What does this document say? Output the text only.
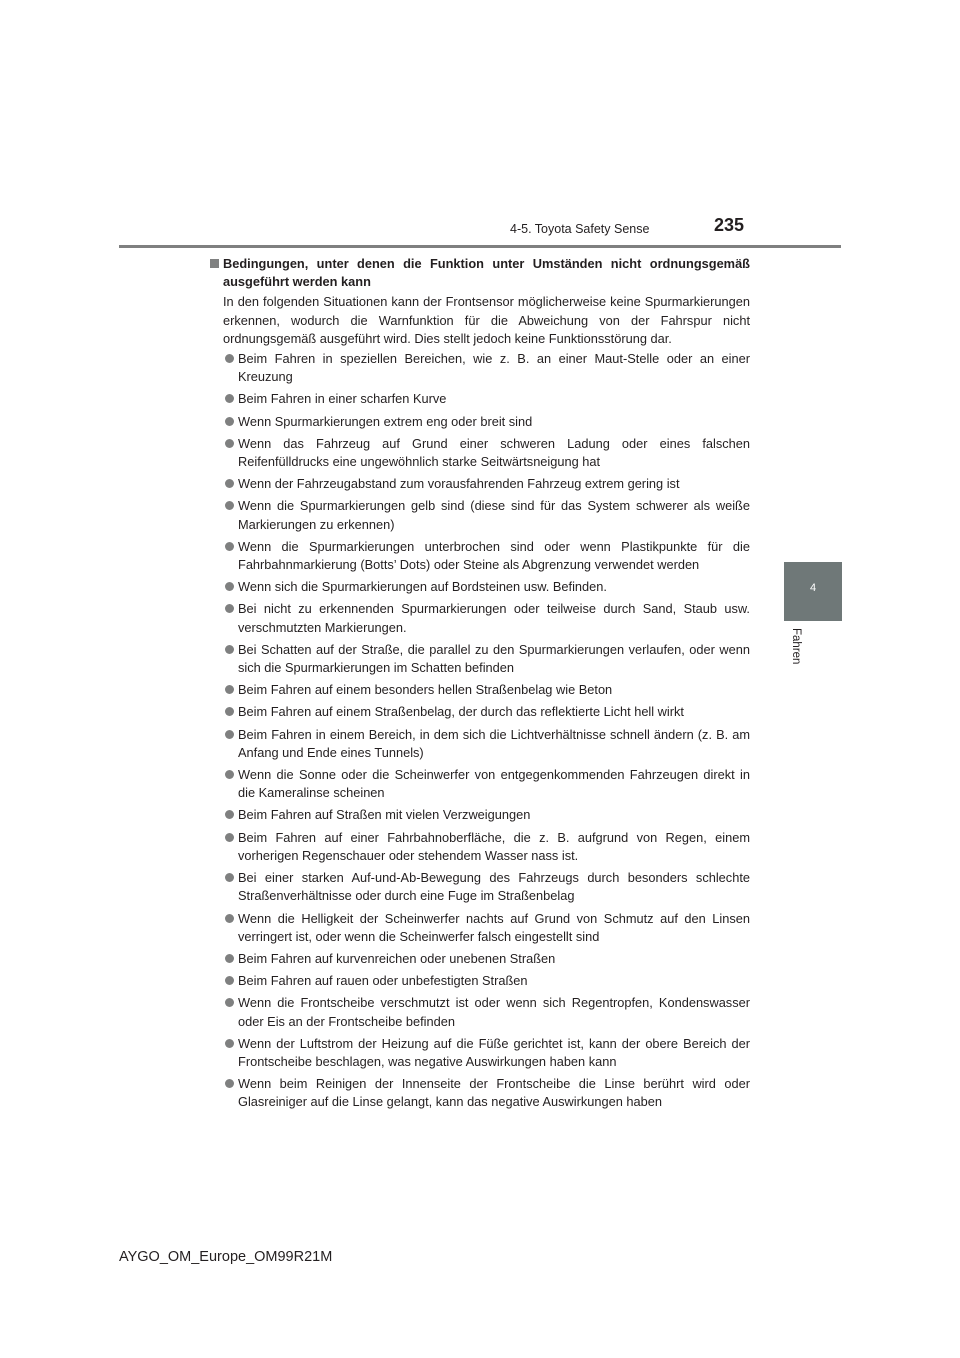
4-5. Toyota Safety Sense	235
4
Fahren
Bedingungen, unter denen die Funktion unter Umständen nicht ordnungsgemäß ausgeführt werden kann
In den folgenden Situationen kann der Frontsensor möglicherweise keine Spurmarkierungen erkennen, wodurch die Warnfunktion für die Abweichung von der Fahrspur nicht ordnungsgemäß ausgeführt wird. Dies stellt jedoch keine Funktionsstörung dar.
Beim Fahren in speziellen Bereichen, wie z. B. an einer Maut-Stelle oder an einer Kreuzung
Beim Fahren in einer scharfen Kurve
Wenn Spurmarkierungen extrem eng oder breit sind
Wenn das Fahrzeug auf Grund einer schweren Ladung oder eines falschen Reifenfülldrucks eine ungewöhnlich starke Seitwärtsneigung hat
Wenn der Fahrzeugabstand zum vorausfahrenden Fahrzeug extrem gering ist
Wenn die Spurmarkierungen gelb sind (diese sind für das System schwerer als weiße Markierungen zu erkennen)
Wenn die Spurmarkierungen unterbrochen sind oder wenn Plastikpunkte für die Fahrbahnmarkierung (Botts’ Dots) oder Steine als Abgrenzung verwendet werden
Wenn sich die Spurmarkierungen auf Bordsteinen usw. Befinden.
Bei nicht zu erkennenden Spurmarkierungen oder teilweise durch Sand, Staub usw. verschmutzten Markierungen.
Bei Schatten auf der Straße, die parallel zu den Spurmarkierungen verlaufen, oder wenn sich die Spurmarkierungen im Schatten befinden
Beim Fahren auf einem besonders hellen Straßenbelag wie Beton
Beim Fahren auf einem Straßenbelag, der durch das reflektierte Licht hell wirkt
Beim Fahren in einem Bereich, in dem sich die Lichtverhältnisse schnell ändern (z. B. am Anfang und Ende eines Tunnels)
Wenn die Sonne oder die Scheinwerfer von entgegenkommenden Fahrzeugen direkt in die Kameralinse scheinen
Beim Fahren auf Straßen mit vielen Verzweigungen
Beim Fahren auf einer Fahrbahnoberfläche, die z. B. aufgrund von Regen, einem vorherigen Regenschauer oder stehendem Wasser nass ist.
Bei einer starken Auf-und-Ab-Bewegung des Fahrzeugs durch besonders schlechte Straßenverhältnisse oder durch eine Fuge im Straßenbelag
Wenn die Helligkeit der Scheinwerfer nachts auf Grund von Schmutz auf den Linsen verringert ist, oder wenn die Scheinwerfer falsch eingestellt sind
Beim Fahren auf kurvenreichen oder unebenen Straßen
Beim Fahren auf rauen oder unbefestigten Straßen
Wenn die Frontscheibe verschmutzt ist oder wenn sich Regentropfen, Kondenswasser oder Eis an der Frontscheibe befinden
Wenn der Luftstrom der Heizung auf die Füße gerichtet ist, kann der obere Bereich der Frontscheibe beschlagen, was negative Auswirkungen haben kann
Wenn beim Reinigen der Innenseite der Frontscheibe die Linse berührt wird oder Glasreiniger auf die Linse gelangt, kann das negative Auswirkungen haben
AYGO_OM_Europe_OM99R21M
